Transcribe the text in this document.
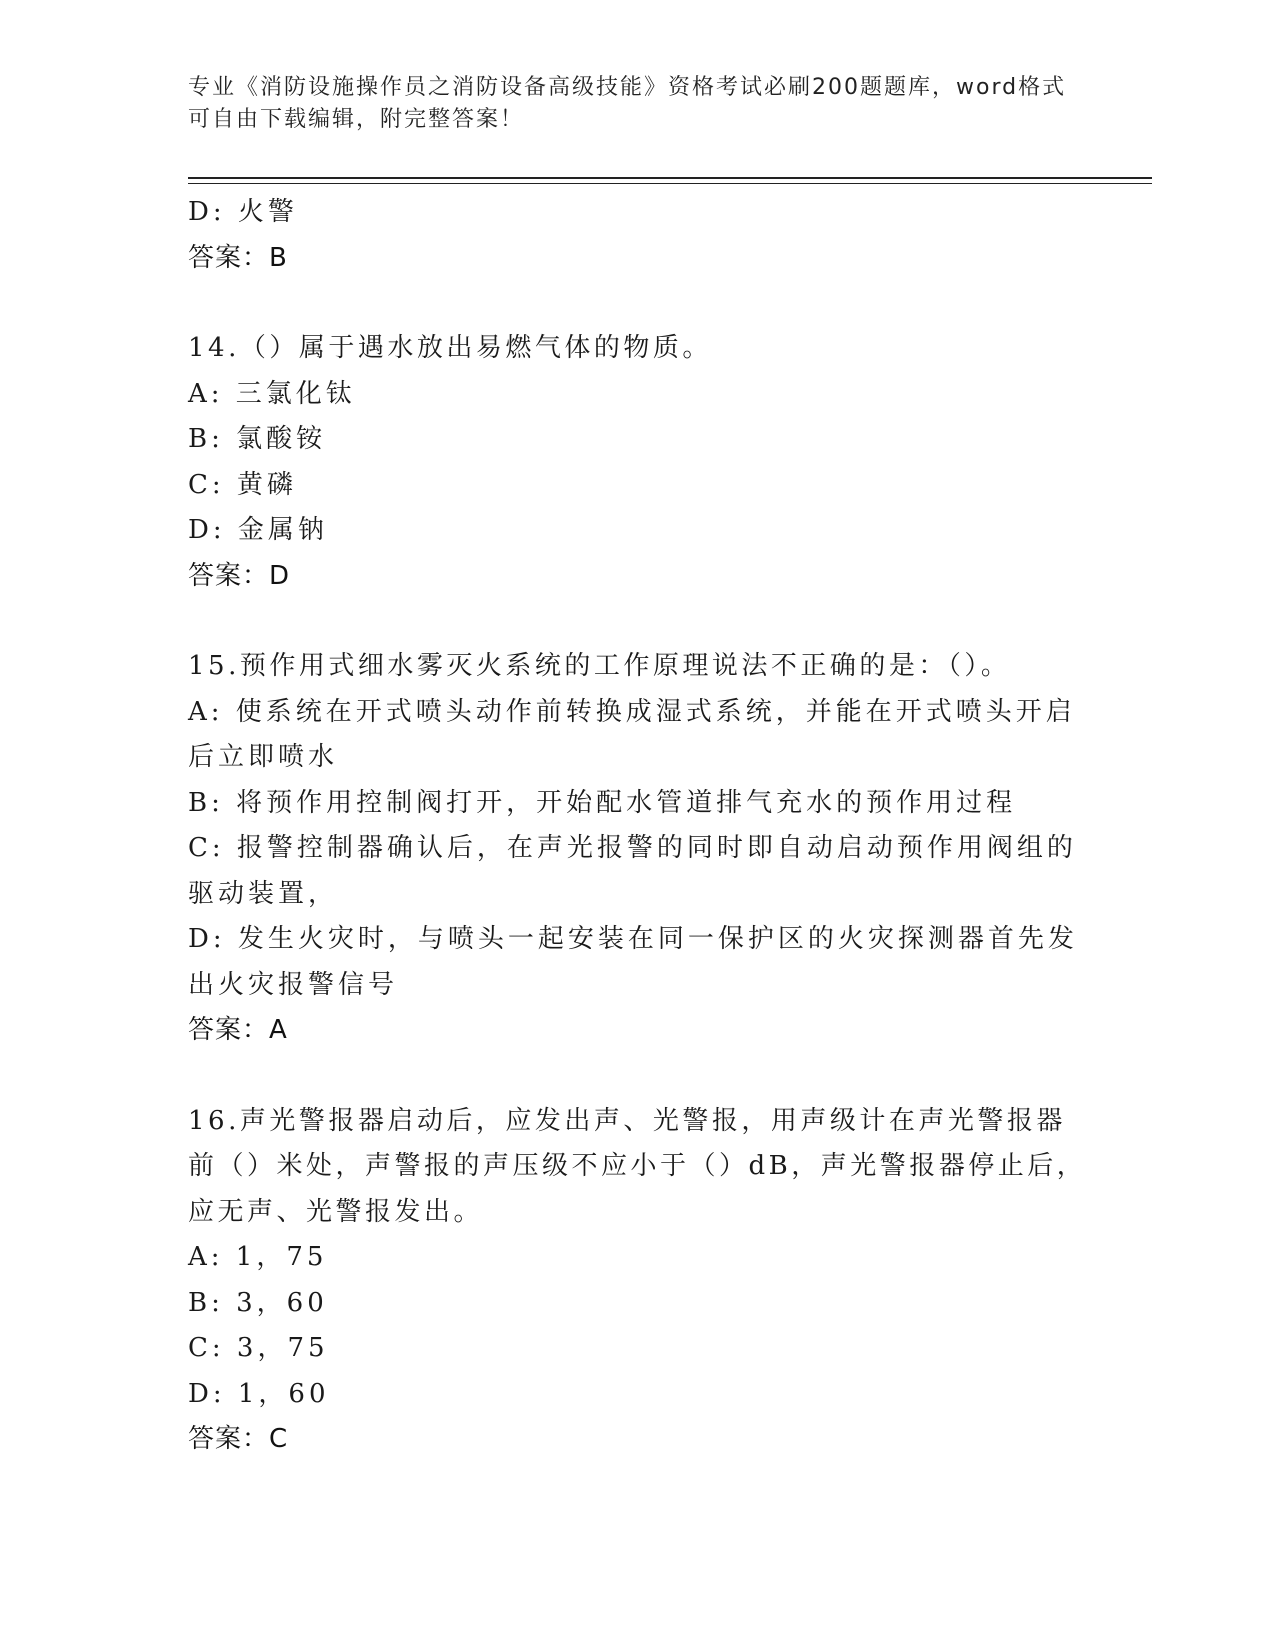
专业《消防设施操作员之消防设备高级技能》资格考试必刷200题题库，word格式可自由下载编辑，附完整答案！
D: 火警
答案：B
14.（）属于遇水放出易燃气体的物质。
A: 三氯化钛
B: 氯酸铵
C: 黄磷
D: 金属钠
答案：D
15.预作用式细水雾灭火系统的工作原理说法不正确的是：（）。
A: 使系统在开式喷头动作前转换成湿式系统，并能在开式喷头开启后立即喷水
B: 将预作用控制阀打开，开始配水管道排气充水的预作用过程
C: 报警控制器确认后，在声光报警的同时即自动启动预作用阀组的驱动装置，
D: 发生火灾时，与喷头一起安装在同一保护区的火灾探测器首先发出火灾报警信号
答案：A
16.声光警报器启动后，应发出声、光警报，用声级计在声光警报器前（）米处，声警报的声压级不应小于（）dB，声光警报器停止后，应无声、光警报发出。
A: 1，75
B: 3，60
C: 3，75
D: 1，60
答案：C
